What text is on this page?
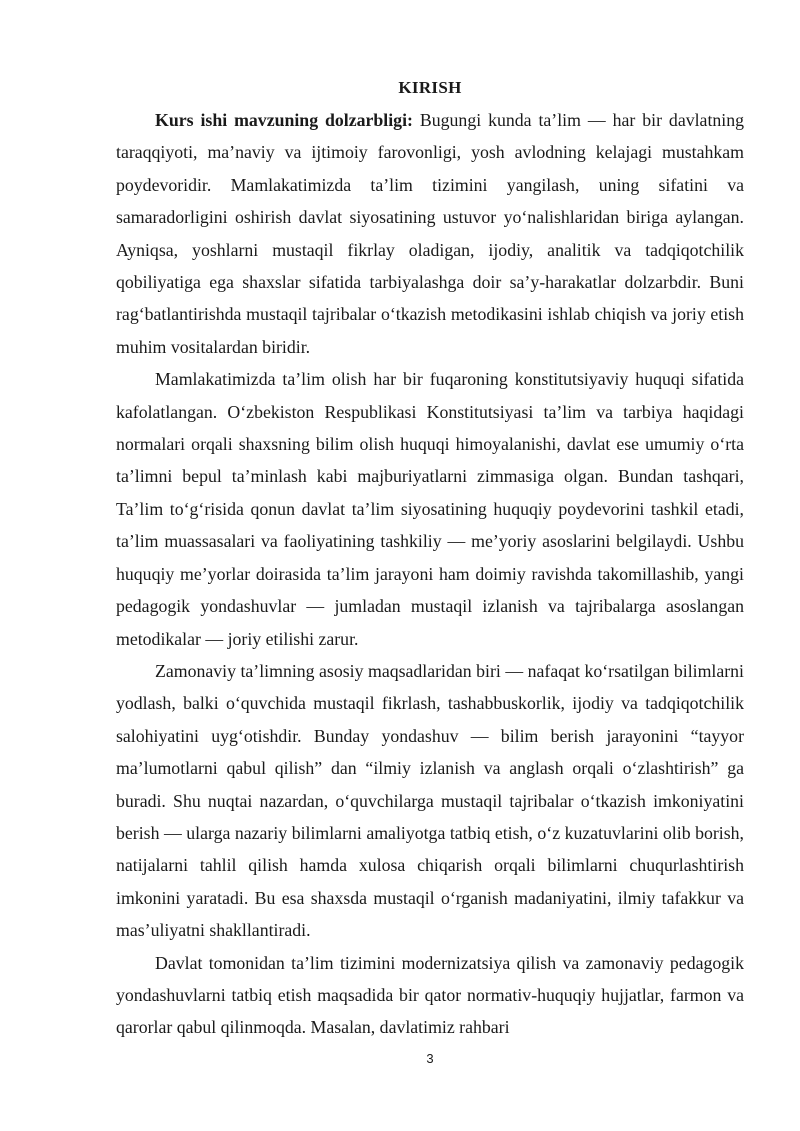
KIRISH

Kurs ishi mavzuning dolzarbligi: Bugungi kunda ta’lim — har bir davlatning taraqqiyoti, ma’naviy va ijtimoiy farovonligi, yosh avlodning kelajagi mustahkam poydevoridir. Mamlakatimizda ta’lim tizimini yangilash, uning sifatini va samaradorligini oshirish davlat siyosatining ustuvor yo‘nalishlaridan biriga aylangan. Ayniqsa, yoshlarni mustaqil fikrlay oladigan, ijodiy, analitik va tadqiqotchilik qobiliyatiga ega shaxslar sifatida tarbiyalashga doir sa’y-harakatlar dolzarbdir. Buni rag‘batlantirishda mustaqil tajribalar o‘tkazish metodikasini ishlab chiqish va joriy etish muhim vositalardan biridir.

Mamlakatimizda ta’lim olish har bir fuqaroning konstitutsiyaviy huquqi sifatida kafolatlangan. O‘zbekiston Respublikasi Konstitutsiyasi ta’lim va tarbiya haqidagi normalari orqali shaxsning bilim olish huquqi himoyalanishi, davlat ese umumiy o‘rta ta’limni bepul ta’minlash kabi majburiyatlarni zimmasiga olgan. Bundan tashqari, Ta’lim to‘g‘risida qonun davlat ta’lim siyosatining huquqiy poydevorini tashkil etadi, ta’lim muassasalari va faoliyatining tashkiliy — me’yoriy asoslarini belgilaydi. Ushbu huquqiy me’yorlar doirasida ta’lim jarayoni ham doimiy ravishda takomillashib, yangi pedagogik yondashuvlar — jumladan mustaqil izlanish va tajribalarga asoslangan metodikalar — joriy etilishi zarur.

Zamonaviy ta’limning asosiy maqsadlaridan biri — nafaqat ko‘rsatilgan bilimlarni yodlash, balki o‘quvchida mustaqil fikrlash, tashabbuskorlik, ijodiy va tadqiqotchilik salohiyatini uyg‘otishdir. Bunday yondashuv — bilim berish jarayonini “tayyor ma’lumotlarni qabul qilish” dan “ilmiy izlanish va anglash orqali o‘zlashtirish” ga buradi. Shu nuqtai nazardan, o‘quvchilarga mustaqil tajribalar o‘tkazish imkoniyatini berish — ularga nazariy bilimlarni amaliyotga tatbiq etish, o‘z kuzatuvlarini olib borish, natijalarni tahlil qilish hamda xulosa chiqarish orqali bilimlarni chuqurlashtirish imkonini yaratadi. Bu esa shaxsda mustaqil o‘rganish madaniyatini, ilmiy tafakkur va mas’uliyatni shakllantiradi.

Davlat tomonidan ta’lim tizimini modernizatsiya qilish va zamonaviy pedagogik yondashuvlarni tatbiq etish maqsadida bir qator normativ-huquqiy hujjatlar, farmon va qarorlar qabul qilinmoqda. Masalan, davlatimiz rahbari

3
